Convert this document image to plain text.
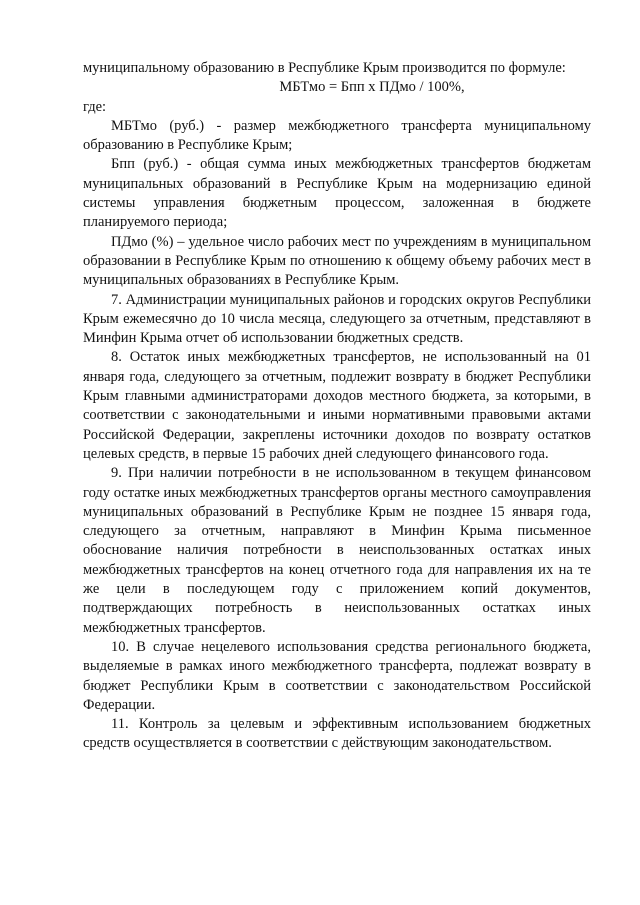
муниципальному образованию в Республике Крым производится по формуле:

МБТмо = Бпп х ПДмо / 100%,

где:

МБТмо (руб.) - размер межбюджетного трансферта муниципальному образованию в Республике Крым;

Бпп (руб.) - общая сумма иных межбюджетных трансфертов бюджетам муниципальных образований в Республике Крым на модернизацию единой системы управления бюджетным процессом, заложенная в бюджете планируемого периода;

ПДмо (%) – удельное число рабочих мест по учреждениям в муниципальном образовании в Республике Крым по отношению к общему объему рабочих мест в муниципальных образованиях в Республике Крым.

7. Администрации муниципальных районов и городских округов Республики Крым ежемесячно до 10 числа месяца, следующего за отчетным, представляют в Минфин Крыма отчет об использовании бюджетных средств.

8. Остаток иных межбюджетных трансфертов, не использованный на 01 января года, следующего за отчетным, подлежит возврату в бюджет Республики Крым главными администраторами доходов местного бюджета, за которыми, в соответствии с законодательными и иными нормативными правовыми актами Российской Федерации, закреплены источники доходов по возврату остатков целевых средств, в первые 15 рабочих дней следующего финансового года.

9. При наличии потребности в не использованном в текущем финансовом году остатке иных межбюджетных трансфертов органы местного самоуправления муниципальных образований в Республике Крым не позднее 15 января года, следующего за отчетным, направляют в Минфин Крыма письменное обоснование наличия потребности в неиспользованных остатках иных межбюджетных трансфертов на конец отчетного года для направления их на те же цели в последующем году с приложением копий документов, подтверждающих потребность в неиспользованных остатках иных межбюджетных трансфертов.

10. В случае нецелевого использования средства регионального бюджета, выделяемые в рамках иного межбюджетного трансферта, подлежат возврату в бюджет Республики Крым в соответствии с законодательством Российской Федерации.

11. Контроль за целевым и эффективным использованием бюджетных средств осуществляется в соответствии с действующим законодательством.
